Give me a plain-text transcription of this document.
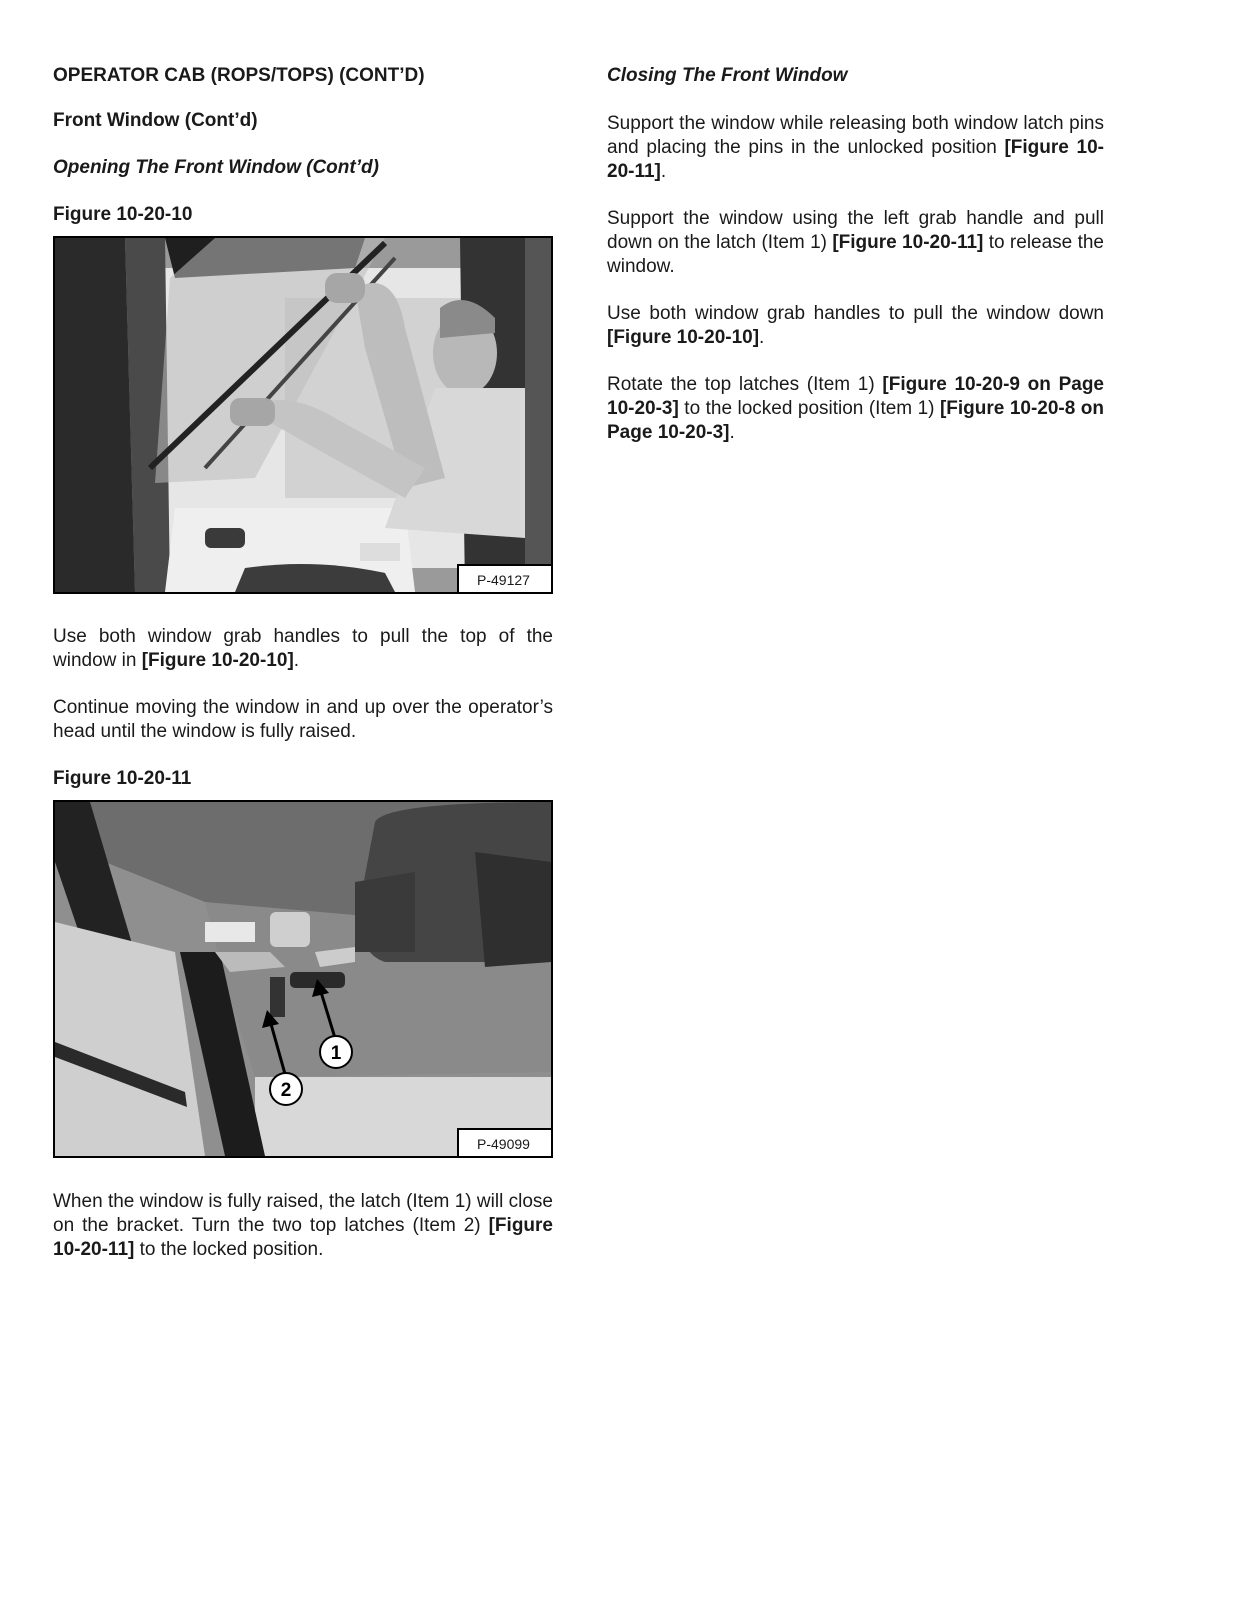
OPERATOR CAB (ROPS/TOPS) (CONT’D)
Front Window (Cont’d)
Opening The Front Window (Cont’d)
Figure 10-20-10
P-49127

Use both window grab handles to pull the top of the window in [Figure 10-20-10].

Continue moving the window in and up over the operator’s head until the window is fully raised.

Figure 10-20-11
1
2
P-49099

When the window is fully raised, the latch (Item 1) will close on the bracket. Turn the two top latches (Item 2) [Figure 10-20-11] to the locked position.

Closing The Front Window

Support the window while releasing both window latch pins and placing the pins in the unlocked position [Figure 10-20-11].

Support the window using the left grab handle and pull down on the latch (Item 1) [Figure 10-20-11] to release the window.

Use both window grab handles to pull the window down [Figure 10-20-10].

Rotate the top latches (Item 1) [Figure 10-20-9 on Page 10-20-3] to the locked position (Item 1) [Figure 10-20-8 on Page 10-20-3].
